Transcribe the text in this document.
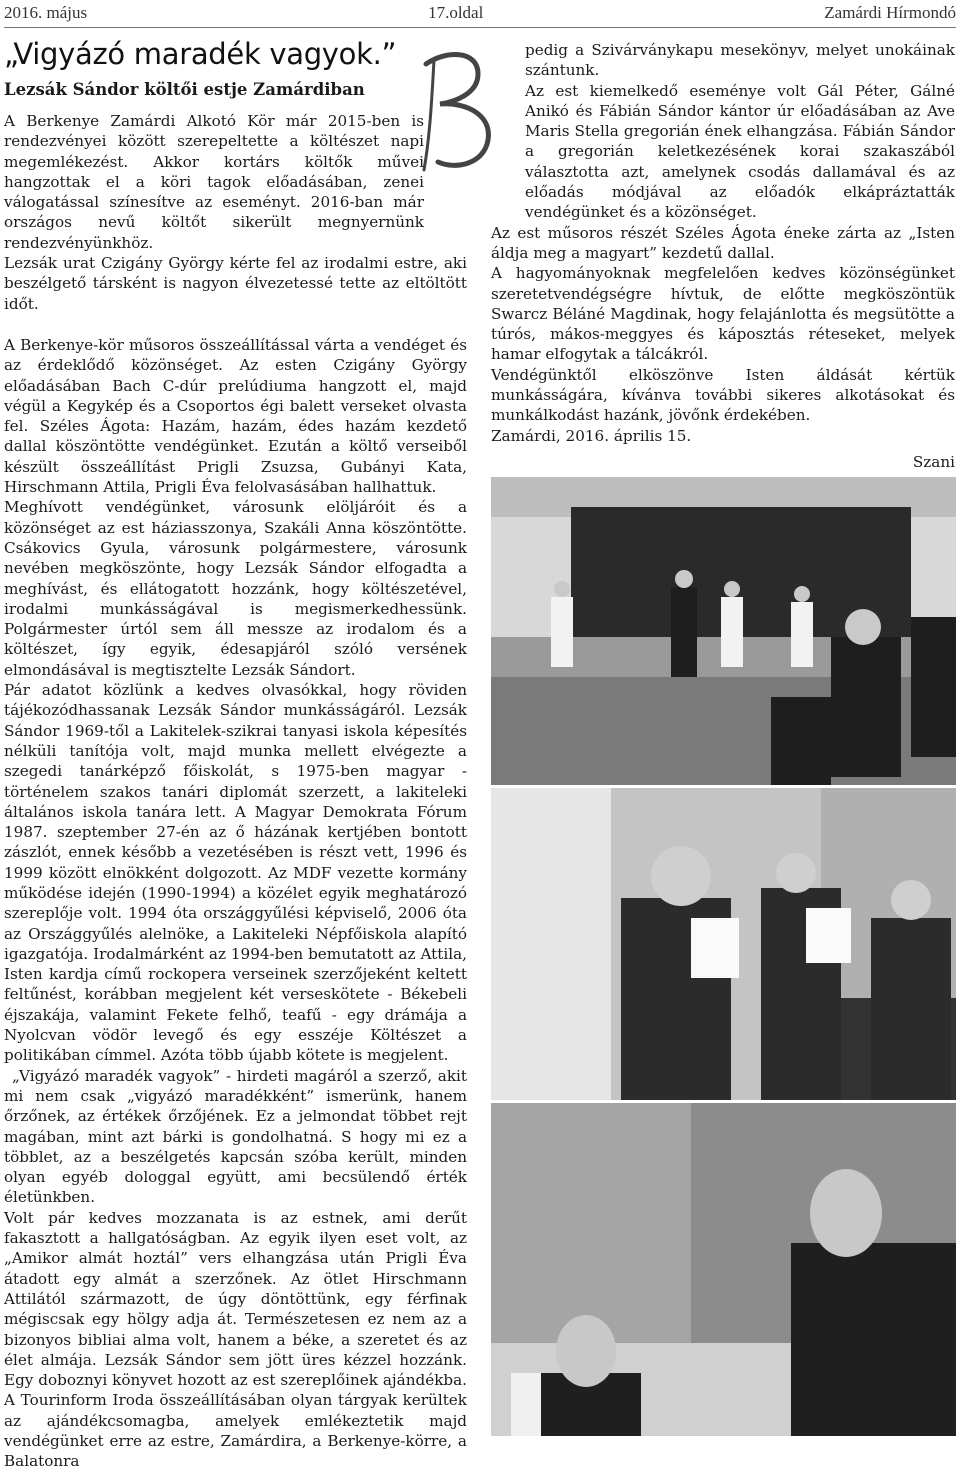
2016. május	17.oldal	Zamárdi Hírmondó
„Vigyázó maradék vagyok.”
Lezsák Sándor költői estje Zamárdiban

A Berkenye Zamárdi Alkotó Kör már 2015-ben is rendezvényei között szerepeltette a költészet napi megemlékezést. Akkor kortárs költők művei hangzottak el a köri tagok előadásában, zenei válogatással színesítve az eseményt. 2016-ban már országos nevű költőt sikerült megnyernünk rendezvényünkhöz.

Lezsák urat Czigány György kérte fel az irodalmi estre, aki beszélgető társként is nagyon élvezetessé tette az eltöltött időt.

A Berkenye-kör műsoros összeállítással várta a vendéget és az érdeklődő közönséget. Az esten Czigány György előadásában Bach C-dúr prelúdiuma hangzott el, majd végül a Kegykép és a Csoportos égi balett verseket olvasta fel. Széles Ágota: Hazám, hazám, édes hazám kezdető dallal köszöntötte vendégünket. Ezután a költő verseiből készült összeállítást Prigli Zsuzsa, Gubányi Kata, Hirschmann Attila, Prigli Éva felolvasásában hallhattuk.

Meghívott vendégünket, városunk elöljáróit és a közönséget az est háziasszonya, Szakáli Anna köszöntötte. Csákovics Gyula, városunk polgármestere, városunk nevében megköszönte, hogy Lezsák Sándor elfogadta a meghívást, és ellátogatott hozzánk, hogy költészetével, irodalmi munkásságával is megismerkedhessünk. Polgármester úrtól sem áll messze az irodalom és a költészet, így egyik, édesapjáról szóló versének elmondásával is megtisztelte Lezsák Sándort.

Pár adatot közlünk a kedves olvasókkal, hogy röviden tájékozódhassanak Lezsák Sándor munkásságáról. Lezsák Sándor 1969-től a Lakitelek-szikrai tanyasi iskola képesítés nélküli tanítója volt, majd munka mellett elvégezte a szegedi tanárképző főiskolát, s 1975-ben magyar - történelem szakos tanári diplomát szerzett, a lakiteleki általános iskola tanára lett. A Magyar Demokrata Fórum 1987. szeptember 27-én az ő házának kertjében bontott zászlót, ennek később a vezetésében is részt vett, 1996 és 1999 között elnökként dolgozott. Az MDF vezette kormány működése idején (1990-1994) a közélet egyik meghatározó szereplője volt. 1994 óta országgyűlési képviselő, 2006 óta az Országgyűlés alelnöke, a Lakiteleki Népfőiskola alapító igazgatója. Irodalmárként az 1994-ben bemutatott az Attila, Isten kardja című rockopera verseinek szerzőjeként keltett feltűnést, korábban megjelent két verseskötete - Békebeli éjszakája, valamint Fekete felhő, teafű - egy drámája a Nyolcvan vödör levegő és egy esszéje Költészet a politikában címmel. Azóta több újabb kötete is megjelent.

„Vigyázó maradék vagyok” - hirdeti magáról a szerző, akit mi nem csak „vigyázó maradékként” ismerünk, hanem őrzőnek, az értékek őrzőjének. Ez a jelmondat többet rejt magában, mint azt bárki is gondolhatná. S hogy mi ez a többlet, az a beszélgetés kapcsán szóba került, minden olyan egyéb dologgal együtt, ami becsülendő érték életünkben.

Volt pár kedves mozzanata is az estnek, ami derűt fakasztott a hallgatóságban. Az egyik ilyen eset volt, az „Amikor almát hoztál” vers elhangzása után Prigli Éva átadott egy almát a szerzőnek. Az ötlet Hirschmann Attilától származott, de úgy döntöttünk, egy férfinak mégiscsak egy hölgy adja át. Természetesen ez nem az a bizonyos bibliai alma volt, hanem a béke, a szeretet és az élet almája. Lezsák Sándor sem jött üres kézzel hozzánk. Egy doboznyi könyvet hozott az est szereplőinek ajándékba. A Tourinform Iroda összeállításában olyan tárgyak kerültek az ajándékcsomagba, amelyek emlékeztetik majd vendégünket erre az estre, Zamárdira, a Berkenye-körre, a Balatonra

pedig a Szivárványkapu mesekönyv, melyet unokáinak szántunk.

Az est kiemelkedő eseménye volt Gál Péter, Gálné Anikó és Fábián Sándor kántor úr előadásában az Ave Maris Stella gregorián ének elhangzása. Fábián Sándor a gregorián keletkezésének korai szakaszából választotta azt, amelynek csodás dallamával és az előadás módjával az előadók elkápráztatták vendégünket és a közönséget.

Az est műsoros részét Széles Ágota éneke zárta az „Isten áldja meg a magyart” kezdetű dallal.

A hagyományoknak megfelelően kedves közönségünket szeretetvendégségre hívtuk, de előtte megköszöntük Swarcz Béláné Magdinak, hogy felajánlotta és megsütötte a túrós, mákos-meggyes és káposztás réteseket, melyek hamar elfogytak a tálcákról.

Vendégünktől elköszönve Isten áldását kértük munkásságára, kívánva további sikeres alkotásokat és munkálkodást hazánk, jövőnk érdekében.

Zamárdi, 2016. április 15.

Szani
